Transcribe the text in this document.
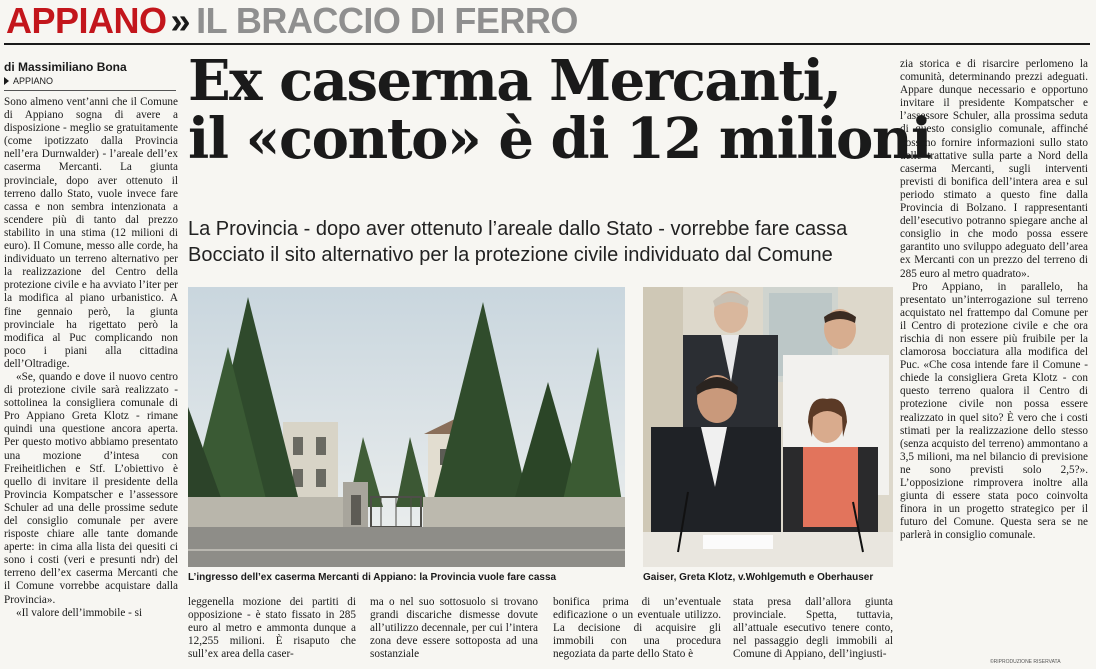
APPIANO » IL BRACCIO DI FERRO
di Massimiliano Bona
APPIANO

Sono almeno vent’anni che il Comune di Appiano sogna di avere a disposizione - meglio se gratuitamente (come ipotizzato dalla Provincia nell’era Durnwalder) - l’areale dell’ex caserma Mercanti. La giunta provinciale, dopo aver ottenuto il terreno dallo Stato, vuole invece fare cassa e non sembra intenzionata a scendere più di tanto dal prezzo stabilito in una stima (12 milioni di euro). Il Comune, messo alle corde, ha individuato un terreno alternativo per la realizzazione del Centro della protezione civile e ha avviato l’iter per la modifica al piano urbanistico. A fine gennaio però, la giunta provinciale ha rigettato però la modifica al Puc complicando non poco i piani alla cittadina dell’Oltradige.

«Se, quando e dove il nuovo centro di protezione civile sarà realizzato - sottolinea la consigliera comunale di Pro Appiano Greta Klotz - rimane quindi una questione ancora aperta. Per questo motivo abbiamo presentato una mozione d’intesa con Freiheitlichen e Stf. L’obiettivo è quello di invitare il presidente della Provincia Kompatscher e l’assessore Schuler ad una delle prossime sedute del consiglio comunale per avere risposte chiare alle tante domande aperte: in cima alla lista dei quesiti ci sono i costi (veri e presunti ndr) del terreno dell’ex caserma Mercanti che il Comune vorrebbe acquistare dalla Provincia».

«Il valore dell’immobile - si

Ex caserma Mercanti,
il «conto» è di 12 milioni
La Provincia - dopo aver ottenuto l’areale dallo Stato - vorrebbe fare cassa
Bocciato il sito alternativo per la protezione civile individuato dal Comune
L’ingresso dell’ex caserma Mercanti di Appiano: la Provincia vuole fare cassa	Gaiser, Greta Klotz, v.Wohlgemuth e Oberhauser

leggenella mozione dei partiti di opposizione - è stato fissato in 285 euro al metro e ammonta dunque a 12,255 milioni. È risaputo che sull’ex area della caser-

ma o nel suo sottosuolo si trovano grandi discariche dismesse dovute all’utilizzo decennale, per cui l’intera zona deve essere sottoposta ad una sostanziale

bonifica prima di un’eventuale edificazione o un eventuale utilizzo. La decisione di acquisire gli immobili con una procedura negoziata da parte dello Stato è

stata presa dall’allora giunta provinciale. Spetta, tuttavia, all’attuale esecutivo tenere conto, nel passaggio degli immobili al Comune di Appiano, dell’ingiusti-

zia storica e di risarcire perlomeno la comunità, determinando prezzi adeguati. Appare dunque necessario e opportuno invitare il presidente Kompatscher e l’assessore Schuler, alla prossima seduta di questo consiglio comunale, affinché possano fornire informazioni sullo stato delle trattative sulla parte a Nord della caserma Mercanti, sugli interventi previsti di bonifica dell’intera area e sul periodo stimato a questo fine dalla Provincia di Bolzano. I rappresentanti dell’esecutivo potranno spiegare anche al consiglio in che modo possa essere garantito uno sviluppo adeguato dell’area ex Mercanti con un prezzo del terreno di 285 euro al metro quadrato».

Pro Appiano, in parallelo, ha presentato un’interrogazione sul terreno acquistato nel frattempo dal Comune per il Centro di protezione civile e che ora rischia di non essere più fruibile per la clamorosa bocciatura alla modifica del Puc. «Che cosa intende fare il Comune - chiede la consigliera Greta Klotz - con questo terreno qualora il Centro di protezione civile non possa essere realizzato in quel sito? È vero che i costi stimati per la realizzazione dello stesso (senza acquisto del terreno) ammontano a 3,5 milioni, ma nel bilancio di previsione ne sono previsti solo 2,5?». L’opposizione rimprovera inoltre alla giunta di essere stata poco coinvolta finora in un progetto strategico per il futuro del Comune. Questa sera se ne parlerà in consiglio comunale.

©RIPRODUZIONE RISERVATA
